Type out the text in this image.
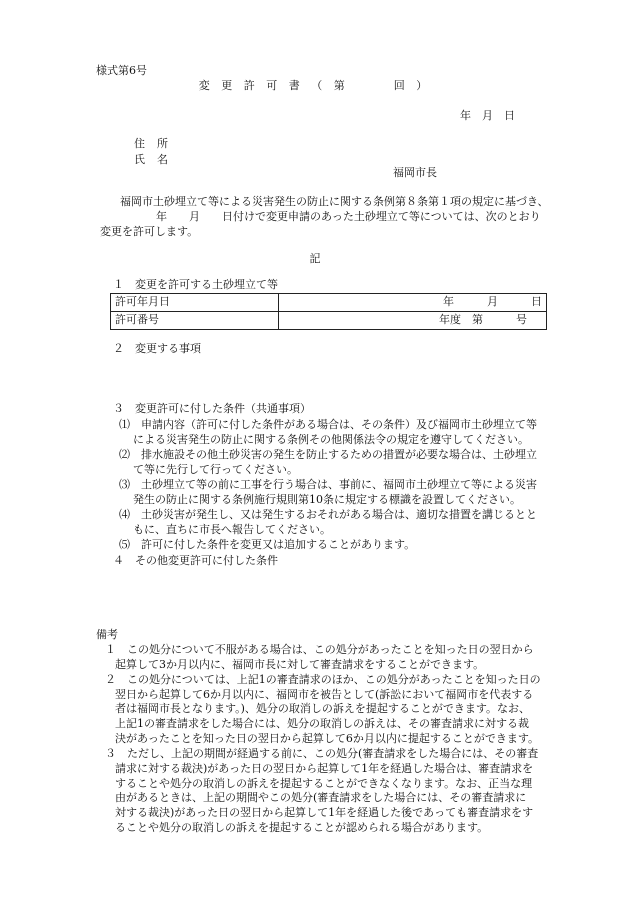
様式第6号
変 更 許 可 書 （ 第　　　回 ）
年　月　日
住所
氏名
福岡市長
福岡市土砂埋立て等による災害発生の防止に関する条例第８条第１項の規定に基づき、
年　　月　　日付けで変更申請のあった土砂埋立て等については、次のとおり
変更を許可します。
記
１　変更を許可する土砂埋立て等
許可年月日	年　　　月　　　日
許可番号	年度　第　　　号
２　変更する事項
３　変更許可に付した条件（共通事項）
⑴　申請内容（許可に付した条件がある場合は、その条件）及び福岡市土砂埋立て等
による災害発生の防止に関する条例その他関係法令の規定を遵守してください。
⑵　排水施設その他土砂災害の発生を防止するための措置が必要な場合は、土砂埋立
て等に先行して行ってください。
⑶　土砂埋立て等の前に工事を行う場合は、事前に、福岡市土砂埋立て等による災害
発生の防止に関する条例施行規則第10条に規定する標識を設置してください。
⑷　土砂災害が発生し、又は発生するおそれがある場合は、適切な措置を講じるとと
もに、直ちに市長へ報告してください。
⑸　許可に付した条件を変更又は追加することがあります。
４　その他変更許可に付した条件
備考
１　この処分について不服がある場合は、この処分があったことを知った日の翌日から
起算して3か月以内に、福岡市長に対して審査請求をすることができます。
２　この処分については、上記1の審査請求のほか、この処分があったことを知った日の
翌日から起算して6か月以内に、福岡市を被告として(訴訟において福岡市を代表する
者は福岡市長となります。)、処分の取消しの訴えを提起することができます。なお、
上記1の審査請求をした場合には、処分の取消しの訴えは、その審査請求に対する裁
決があったことを知った日の翌日から起算して6か月以内に提起することができます。
３　ただし、上記の期間が経過する前に、この処分(審査請求をした場合には、その審査
請求に対する裁決)があった日の翌日から起算して1年を経過した場合は、審査請求を
することや処分の取消しの訴えを提起することができなくなります。なお、正当な理
由があるときは、上記の期間やこの処分(審査請求をした場合には、その審査請求に
対する裁決)があった日の翌日から起算して1年を経過した後であっても審査請求をす
ることや処分の取消しの訴えを提起することが認められる場合があります。
